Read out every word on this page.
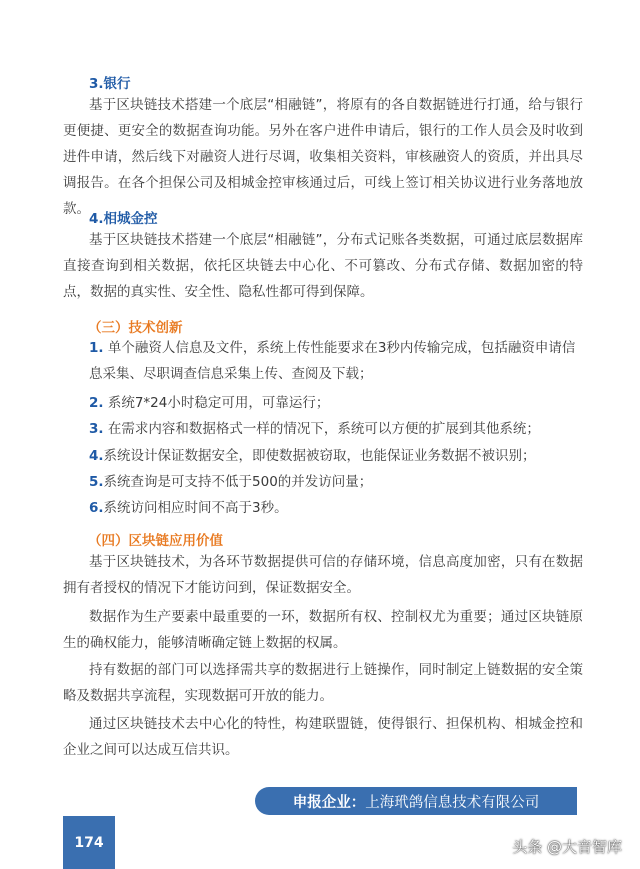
3.银行

基于区块链技术搭建一个底层“相融链”，将原有的各自数据链进行打通，给与银行更便捷、更安全的数据查询功能。另外在客户进件申请后，银行的工作人员会及时收到进件申请，然后线下对融资人进行尽调，收集相关资料，审核融资人的资质，并出具尽调报告。在各个担保公司及相城金控审核通过后，可线上签订相关协议进行业务落地放款。

4.相城金控

基于区块链技术搭建一个底层“相融链”，分布式记账各类数据，可通过底层数据库直接查询到相关数据，依托区块链去中心化、不可篡改、分布式存储、数据加密的特点，数据的真实性、安全性、隐私性都可得到保障。

（三）技术创新

1. 单个融资人信息及文件，系统上传性能要求在3秒内传输完成，包括融资申请信息采集、尽职调查信息采集上传、查阅及下载；

2. 系统7*24小时稳定可用，可靠运行；

3. 在需求内容和数据格式一样的情况下，系统可以方便的扩展到其他系统；

4.系统设计保证数据安全，即使数据被窃取，也能保证业务数据不被识别；

5.系统查询是可支持不低于500的并发访问量；

6.系统访问相应时间不高于3秒。

（四）区块链应用价值

基于区块链技术，为各环节数据提供可信的存储环境，信息高度加密，只有在数据拥有者授权的情况下才能访问到，保证数据安全。

数据作为生产要素中最重要的一环，数据所有权、控制权尤为重要；通过区块链原生的确权能力，能够清晰确定链上数据的权属。

持有数据的部门可以选择需共享的数据进行上链操作，同时制定上链数据的安全策略及数据共享流程，实现数据可开放的能力。

通过区块链技术去中心化的特性，构建联盟链，使得银行、担保机构、相城金控和企业之间可以达成互信共识。

申报企业： 上海玳鸽信息技术有限公司
174	头条 @大音智库
